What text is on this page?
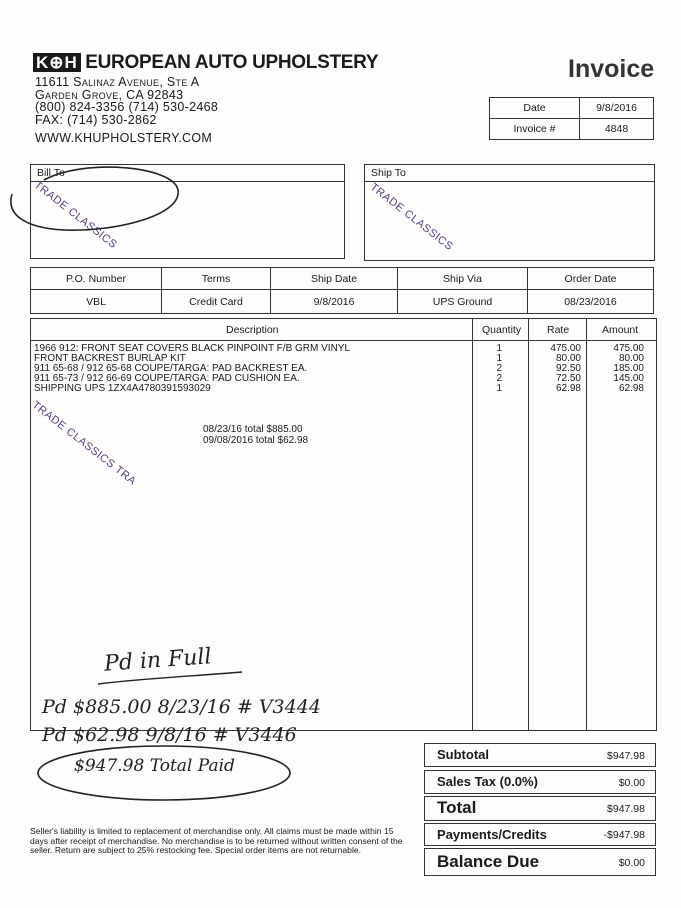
K⊕H EUROPEAN AUTO UPHOLSTERY
11611 Salinaz Avenue, Ste A
Garden Grove, CA 92843
(800) 824-3356 (714) 530-2468
FAX: (714) 530-2862
WWW.KHUPHOLSTERY.COM
Invoice
Date	9/8/2016
Invoice #	4848
Bill To
TRADE CLASSICS
Ship To
TRADE CLASSICS
P.O. Number	Terms	Ship Date	Ship Via	Order Date
VBL	Credit Card	9/8/2016	UPS Ground	08/23/2016
Description	Quantity Rate	Amount
1966 912: FRONT SEAT COVERS BLACK PINPOINT F/B GRM VINYL	1	475.00	475.00
FRONT BACKREST BURLAP KIT	1	80.00	80.00
911 65-68 / 912 65-68 COUPE/TARGA: PAD BACKREST EA.	2	92.50	185.00
911 65-73 / 912 66-69 COUPE/TARGA: PAD CUSHION EA.	2	72.50	145.00
SHIPPING UPS 1ZX4A4780391593029	1	62.98	62.98
TRADE CLASSICS TRA	08/23/16 total $885.00
09/08/2016 total $62.98
Pd in Full
Pd $885.00 8/23/16 # V3444
Pd $62.98 9/8/16 # V3446
$947.98 Total Paid
Subtotal	$947.98
Sales Tax (0.0%)	$0.00
Total	$947.98
Payments/Credits	-$947.98
Balance Due	$0.00
Seller's liability is limited to replacement of merchandise only. All claims must be made within 15 days after receipt of merchandise. No merchandise is to be returned without written consent of the seller. Return are subject to 25% restocking fee. Special order items are not returnable.
